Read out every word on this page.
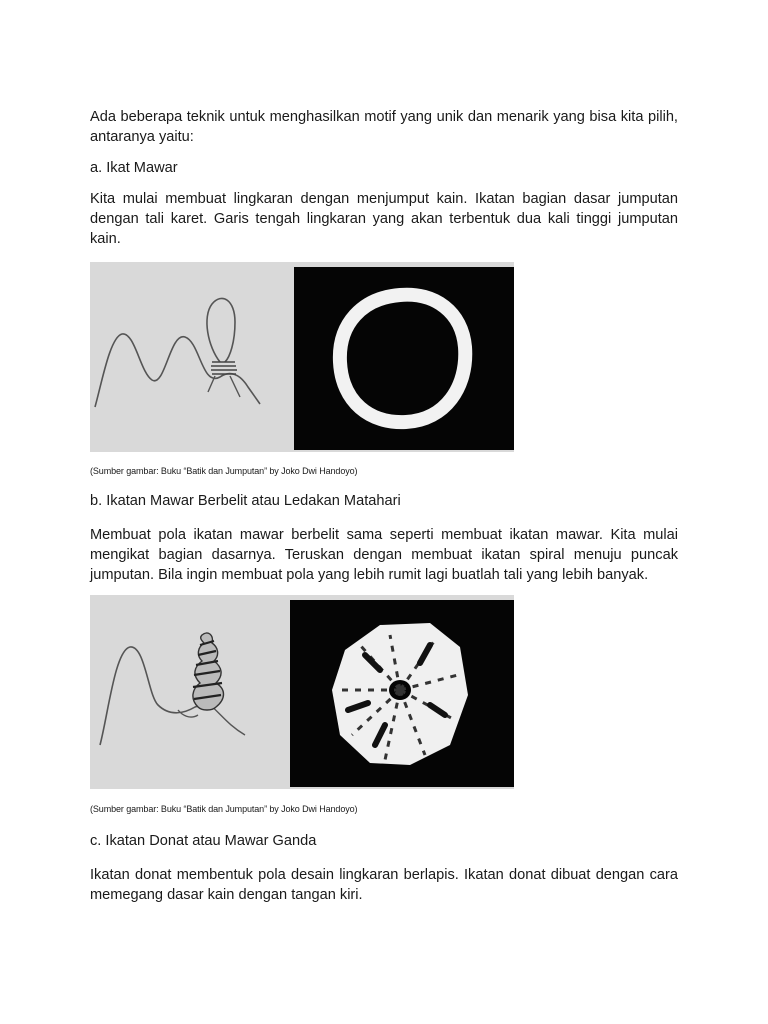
Ada beberapa teknik untuk menghasilkan motif yang unik dan menarik yang bisa kita pilih, antaranya yaitu:

a. Ikat Mawar

Kita mulai membuat lingkaran dengan menjumput kain. Ikatan bagian dasar jumputan dengan tali karet. Garis tengah lingkaran yang akan terbentuk dua kali tinggi jumputan kain.

(Sumber gambar: Buku “Batik dan Jumputan” by Joko Dwi Handoyo)

b. Ikatan Mawar Berbelit atau Ledakan Matahari

Membuat pola ikatan mawar berbelit sama seperti membuat ikatan mawar. Kita mulai mengikat bagian dasarnya. Teruskan dengan membuat ikatan spiral menuju puncak jumputan. Bila ingin membuat pola yang lebih rumit lagi buatlah tali yang lebih banyak.

(Sumber gambar: Buku “Batik dan Jumputan” by Joko Dwi Handoyo)

c. Ikatan Donat atau Mawar Ganda

Ikatan donat membentuk pola desain lingkaran berlapis. Ikatan donat dibuat dengan cara memegang dasar kain dengan tangan kiri.
